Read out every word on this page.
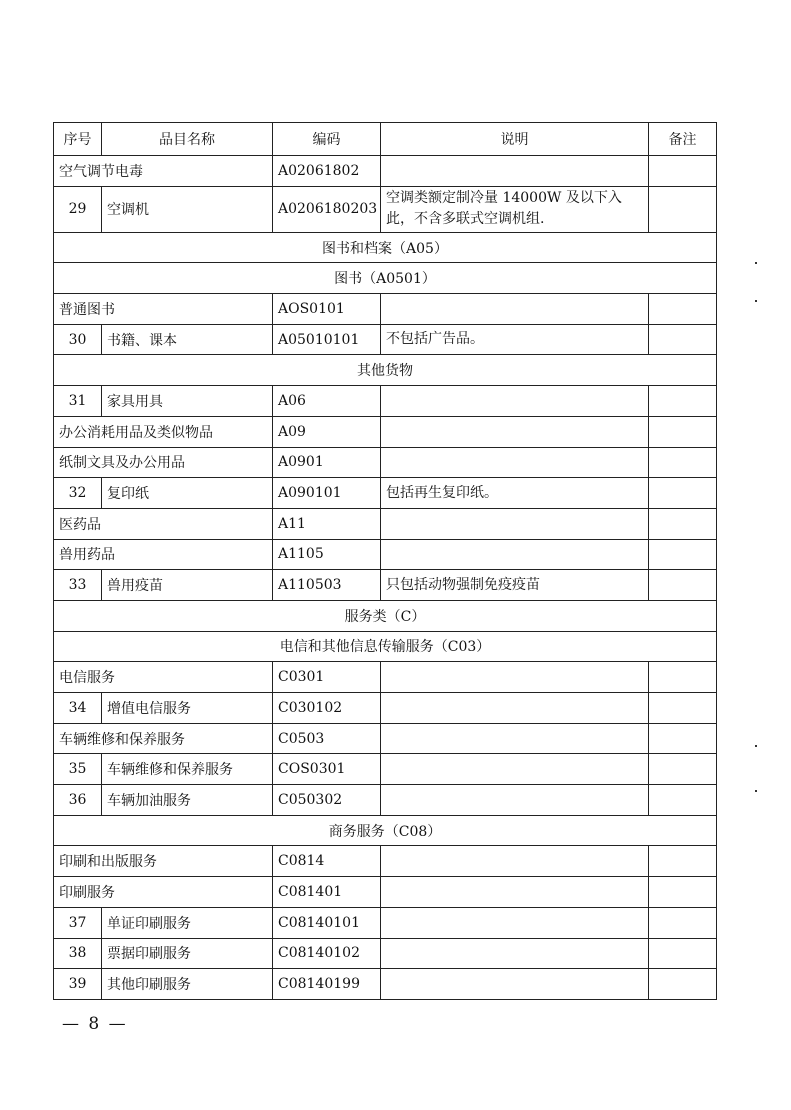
序号	品目名称	编码	说明	备注
空气调节电毒		A02061802		
29	空调机	A0206180203	空调类额定制冷量 14000W 及以下入此，不含多联式空调机组.	
图书和档案（A05）				
图书（A0501）				
普通图书		AOS0101		
30	书籍、课本	A05010101	不包括广告品。	
其他货物				
31	家具用具	A06		
办公消耗用品及类似物品		A09		
纸制文具及办公用品		A0901		
32	复印纸	A090101	包括再生复印纸。	
医药品		A11		
兽用药品		A1105		
33	兽用疫苗	A110503	只包括动物强制免疫疫苗	
服务类（C）				
电信和其他信息传输服务（C03）				
电信服务		C0301		
34	增值电信服务	C030102		
车辆维修和保养服务		C0503		
35	车辆维修和保养服务	COS0301		
36	车辆加油服务	C050302		
商务服务（C08）				
印刷和出版服务		C0814		
印刷服务		C081401		
37	单证印刷服务	C08140101		
38	票据印刷服务	C08140102		
39	其他印刷服务	C08140199		
— 8 —
